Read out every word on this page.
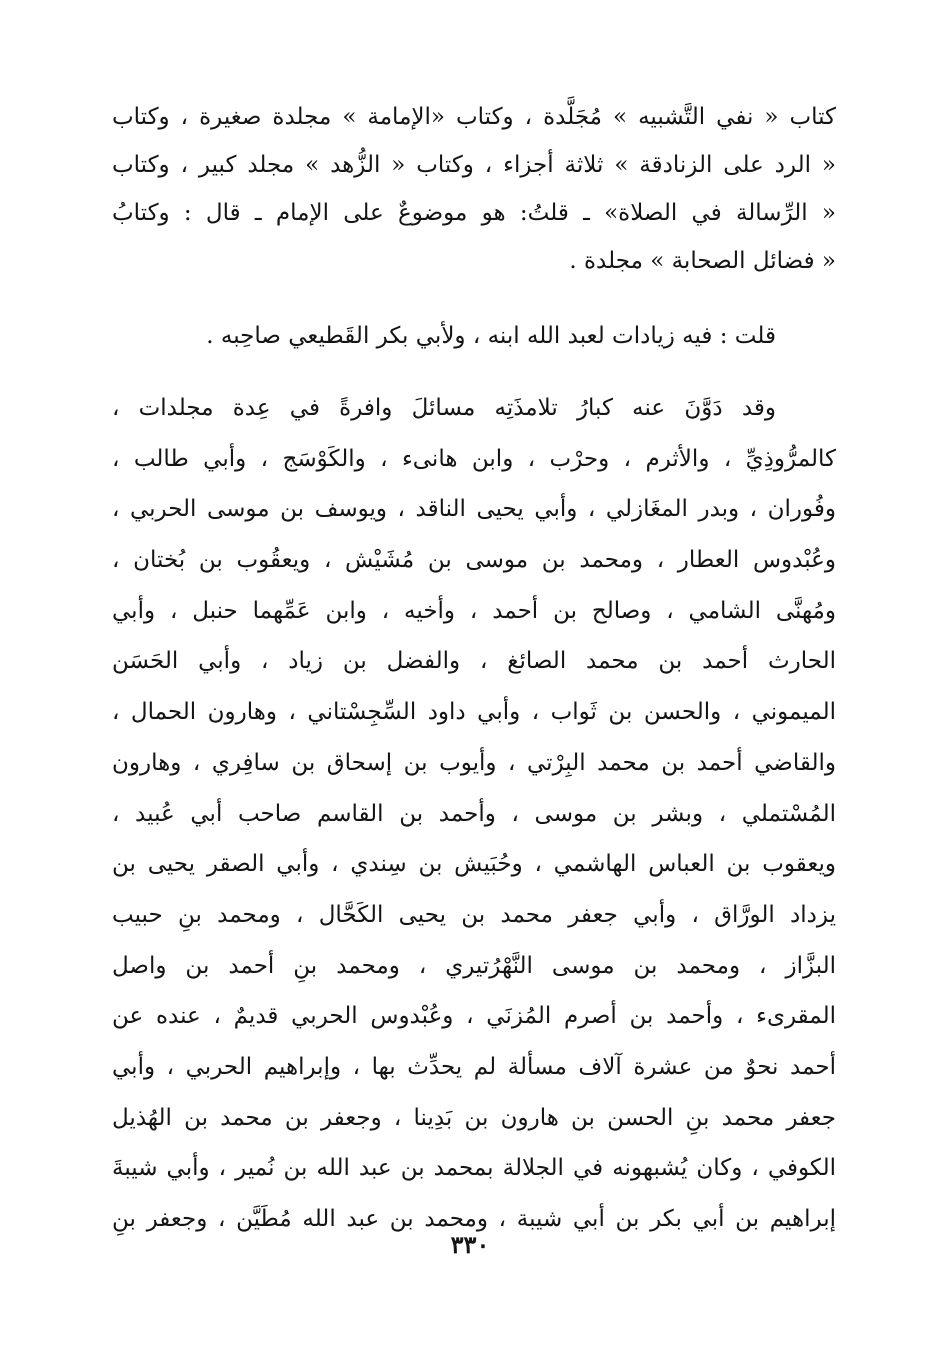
كتاب « نفي التَّشبيه » مُجَلَّدة ، وكتاب «الإمامة » مجلدة صغيرة ، وكتاب
« الرد على الزنادقة » ثلاثة أجزاء ، وكتاب « الزُّهد » مجلد كبير ، وكتاب
« الرِّسالة في الصلاة» ـ قلتُ: هو موضوعٌ على الإمام ـ قال : وكتابُ
« فضائل الصحابة » مجلدة .
قلت : فيه زيادات لعبد الله ابنه ، ولأبي بكر القَطيعي صاحِبه .
وقد دَوَّنَ عنه كبارُ تلامذَتِه مسائلَ وافرةً في عِدة مجلدات ،
كالمرُّوذِيِّ ، والأثرم ، وحرْب ، وابن هانىء ، والكَوْسَج ، وأبي طالب ،
وفُوران ، وبدر المغَازلي ، وأبي يحيى الناقد ، ويوسف بن موسى الحربي ،
وعُبْدوس العطار ، ومحمد بن موسى بن مُشَيْش ، ويعقُوب بن بُختان ،
ومُهنَّى الشامي ، وصالح بن أحمد ، وأخيه ، وابن عَمِّهما حنبل ، وأبي
الحارث أحمد بن محمد الصائغ ، والفضل بن زياد ، وأبي الحَسَن
الميموني ، والحسن بن ثَواب ، وأبي داود السِّجِسْتاني ، وهارون الحمال ،
والقاضي أحمد بن محمد البِرْتي ، وأيوب بن إسحاق بن سافِري ، وهارون
المُسْتملي ، وبشر بن موسى ، وأحمد بن القاسم صاحب أبي عُبيد ،
ويعقوب بن العباس الهاشمي ، وحُبَيش بن سِندي ، وأبي الصقر يحيى بن
يزداد الورَّاق ، وأبي جعفر محمد بن يحيى الكَحَّال ، ومحمد بنِ حبيب
البزَّاز ، ومحمد بن موسى النَّهْرُتيري ، ومحمد بنِ أحمد بن واصل
المقرىء ، وأحمد بن أصرم المُزنَي ، وعُبْدوس الحربي قديمٌ ، عنده عن
أحمد نحوٌ من عشرة آلاف مسألة لم يحدِّث بها ، وإبراهيم الحربي ، وأبي
جعفر محمد بنِ الحسن بن هارون بن بَدِينا ، وجعفر بن محمد بن الهُذيل
الكوفي ، وكان يُشبهونه في الجلالة بمحمد بن عبد الله بن نُمير ، وأبي شيبةَ
إبراهيم بن أبي بكر بن أبي شيبة ، ومحمد بن عبد الله مُطَيَّن ، وجعفر بنِ
٣٣٠
